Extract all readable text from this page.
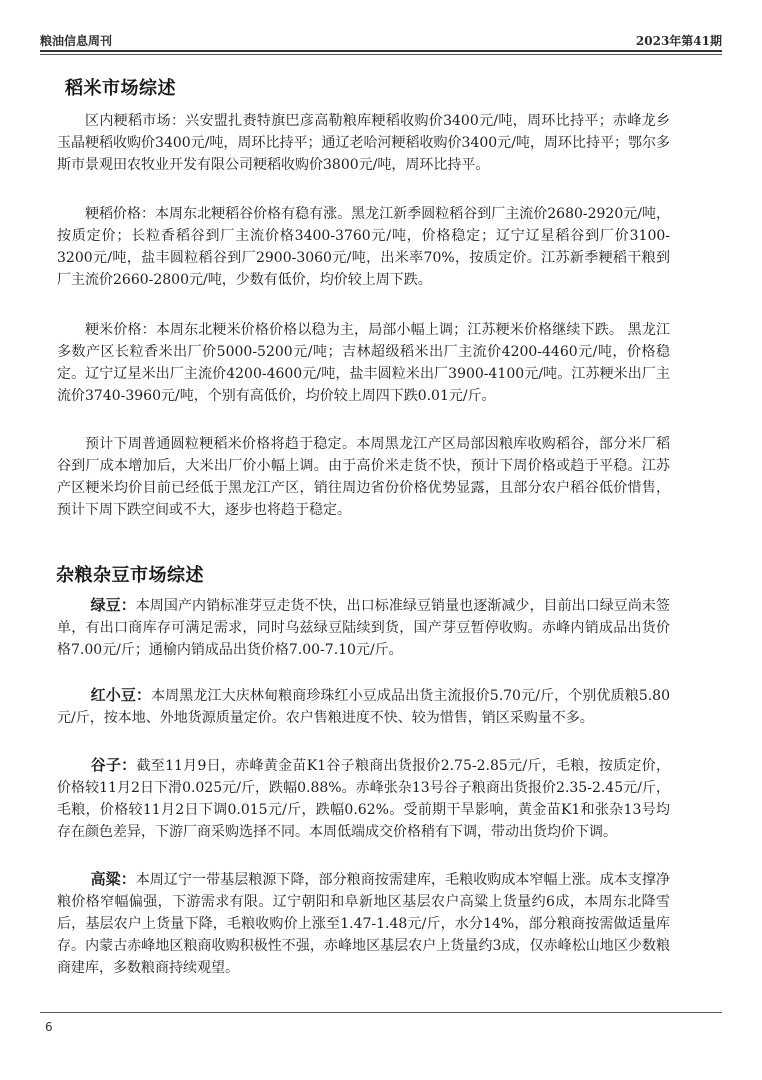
粮油信息周刊	2023年第41期
稻米市场综述

区内粳稻市场：兴安盟扎赉特旗巴彦高勒粮库粳稻收购价3400元/吨，周环比持平；赤峰龙乡玉晶粳稻收购价3400元/吨，周环比持平；通辽老哈河粳稻收购价3400元/吨，周环比持平；鄂尔多斯市景观田农牧业开发有限公司粳稻收购价3800元/吨，周环比持平。

粳稻价格：本周东北粳稻谷价格有稳有涨。黑龙江新季圆粒稻谷到厂主流价2680-2920元/吨，按质定价；长粒香稻谷到厂主流价格3400-3760元/吨，价格稳定；辽宁辽星稻谷到厂价3100-3200元/吨，盐丰圆粒稻谷到厂2900-3060元/吨，出米率70%，按质定价。江苏新季粳稻干粮到厂主流价2660-2800元/吨，少数有低价，均价较上周下跌。

粳米价格：本周东北粳米价格价格以稳为主，局部小幅上调；江苏粳米价格继续下跌。 黑龙江多数产区长粒香米出厂价5000-5200元/吨；吉林超级稻米出厂主流价4200-4460元/吨，价格稳定。辽宁辽星米出厂主流价4200-4600元/吨，盐丰圆粒米出厂3900-4100元/吨。江苏粳米出厂主流价3740-3960元/吨，个别有高低价，均价较上周四下跌0.01元/斤。

预计下周普通圆粒粳稻米价格将趋于稳定。本周黑龙江产区局部因粮库收购稻谷，部分米厂稻谷到厂成本增加后，大米出厂价小幅上调。由于高价米走货不快，预计下周价格或趋于平稳。江苏产区粳米均价目前已经低于黑龙江产区，销往周边省份价格优势显露，且部分农户稻谷低价惜售，预计下周下跌空间或不大，逐步也将趋于稳定。

杂粮杂豆市场综述

绿豆：本周国产内销标准芽豆走货不快，出口标准绿豆销量也逐渐减少，目前出口绿豆尚未签单，有出口商库存可满足需求，同时乌兹绿豆陆续到货，国产芽豆暂停收购。赤峰内销成品出货价格7.00元/斤；通榆内销成品出货价格7.00-7.10元/斤。

红小豆：本周黑龙江大庆林甸粮商珍珠红小豆成品出货主流报价5.70元/斤，个别优质粮5.80元/斤，按本地、外地货源质量定价。农户售粮进度不快、较为惜售，销区采购量不多。

谷子：截至11月9日，赤峰黄金苗K1谷子粮商出货报价2.75-2.85元/斤，毛粮，按质定价，价格较11月2日下滑0.025元/斤，跌幅0.88%。赤峰张杂13号谷子粮商出货报价2.35-2.45元/斤，毛粮，价格较11月2日下调0.015元/斤，跌幅0.62%。受前期干旱影响，黄金苗K1和张杂13号均存在颜色差异，下游厂商采购选择不同。本周低端成交价格稍有下调，带动出货均价下调。

高粱：本周辽宁一带基层粮源下降，部分粮商按需建库，毛粮收购成本窄幅上涨。成本支撑净粮价格窄幅偏强，下游需求有限。辽宁朝阳和阜新地区基层农户高粱上货量约6成，本周东北降雪后，基层农户上货量下降，毛粮收购价上涨至1.47-1.48元/斤，水分14%，部分粮商按需做适量库存。内蒙古赤峰地区粮商收购积极性不强，赤峰地区基层农户上货量约3成，仅赤峰松山地区少数粮商建库，多数粮商持续观望。

6
